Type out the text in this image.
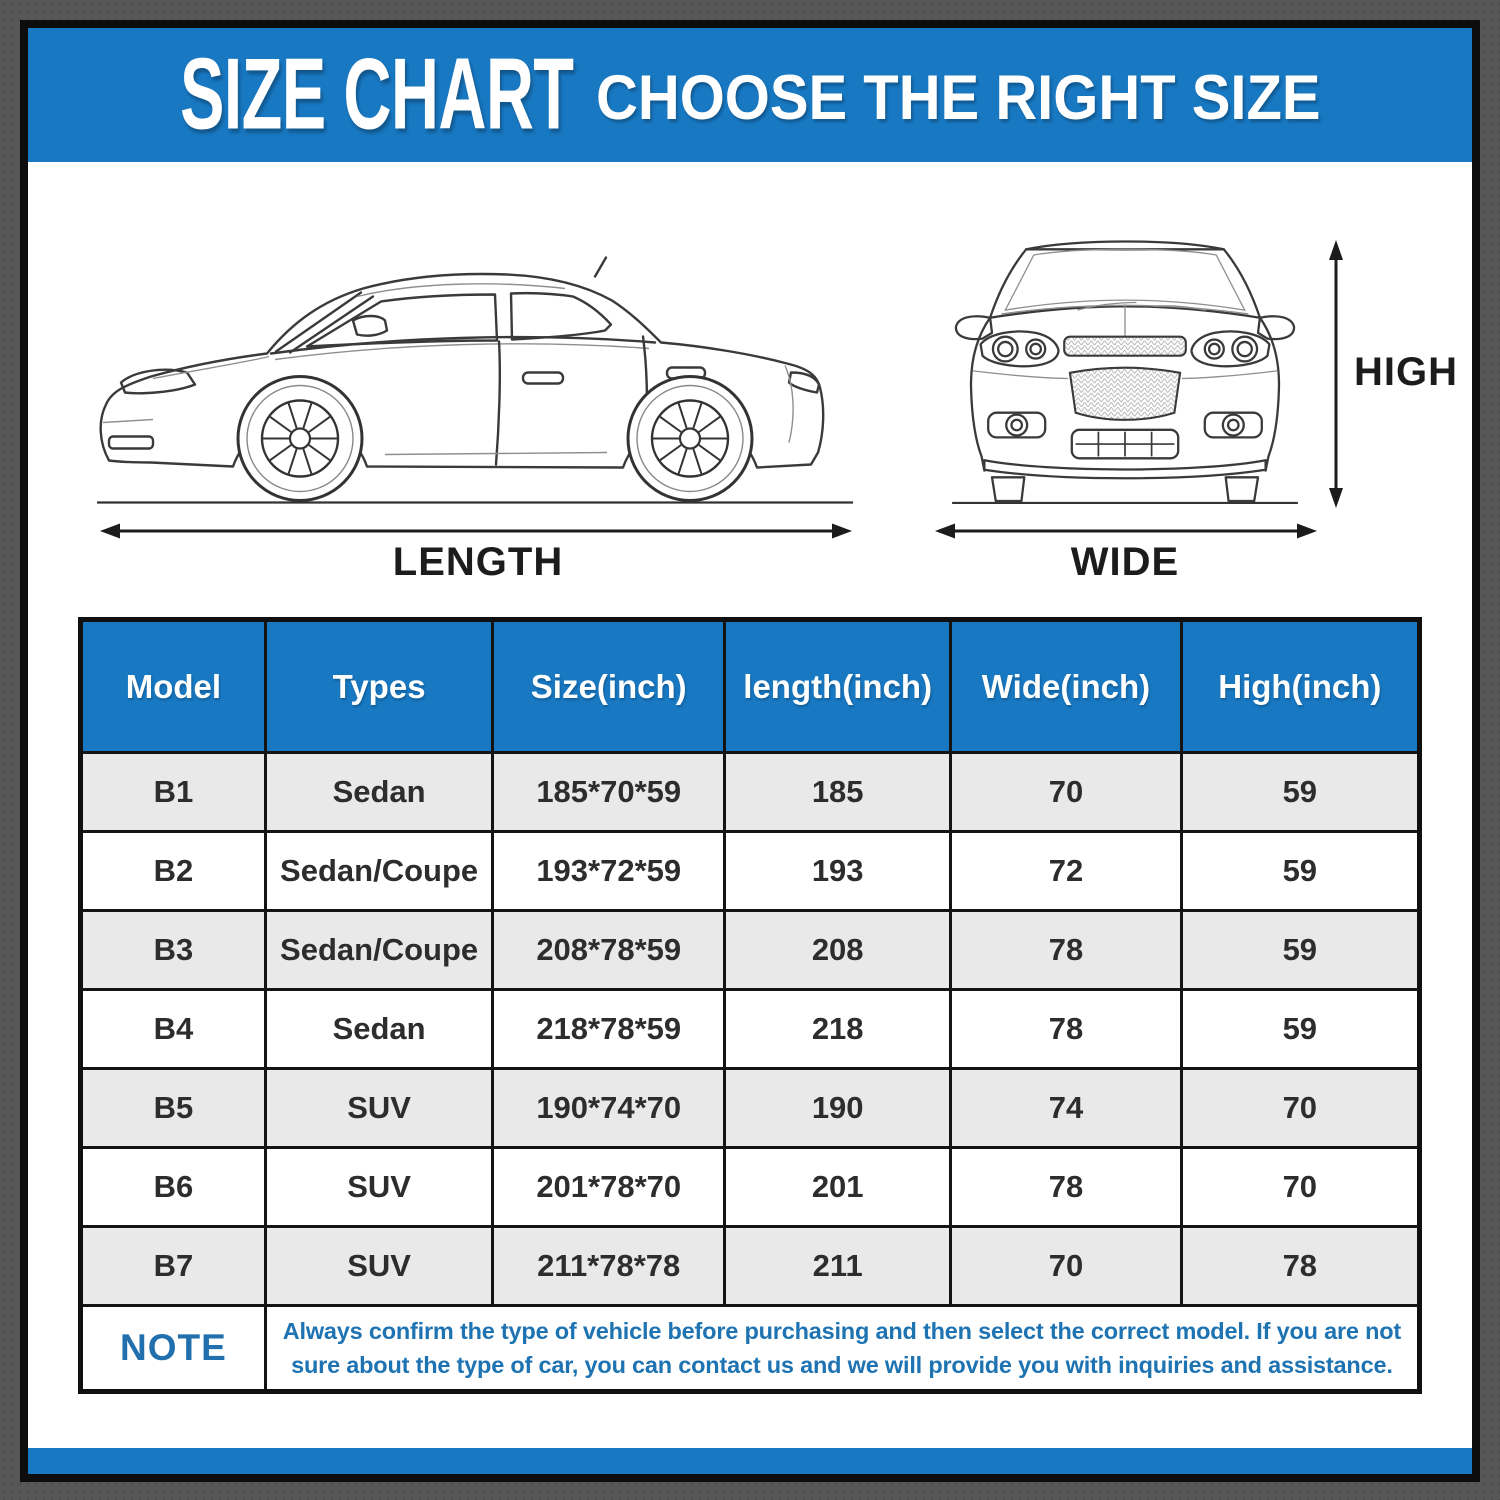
SIZE CHART CHOOSE THE RIGHT SIZE
LENGTH	WIDE
HIGH
Model	Types	Size(inch)	length(inch)	Wide(inch)	High(inch)
B1	Sedan	185*70*59	185	70	59
B2	Sedan/Coupe	193*72*59	193	72	59
B3	Sedan/Coupe	208*78*59	208	78	59
B4	Sedan	218*78*59	218	78	59
B5	SUV	190*74*70	190	74	70
B6	SUV	201*78*70	201	78	70
B7	SUV	211*78*78	211	70	78
NOTE	Always confirm the type of vehicle before purchasing and then select the correct model. If you are not sure about the type of car, you can contact us and we will provide you with inquiries and assistance.				
